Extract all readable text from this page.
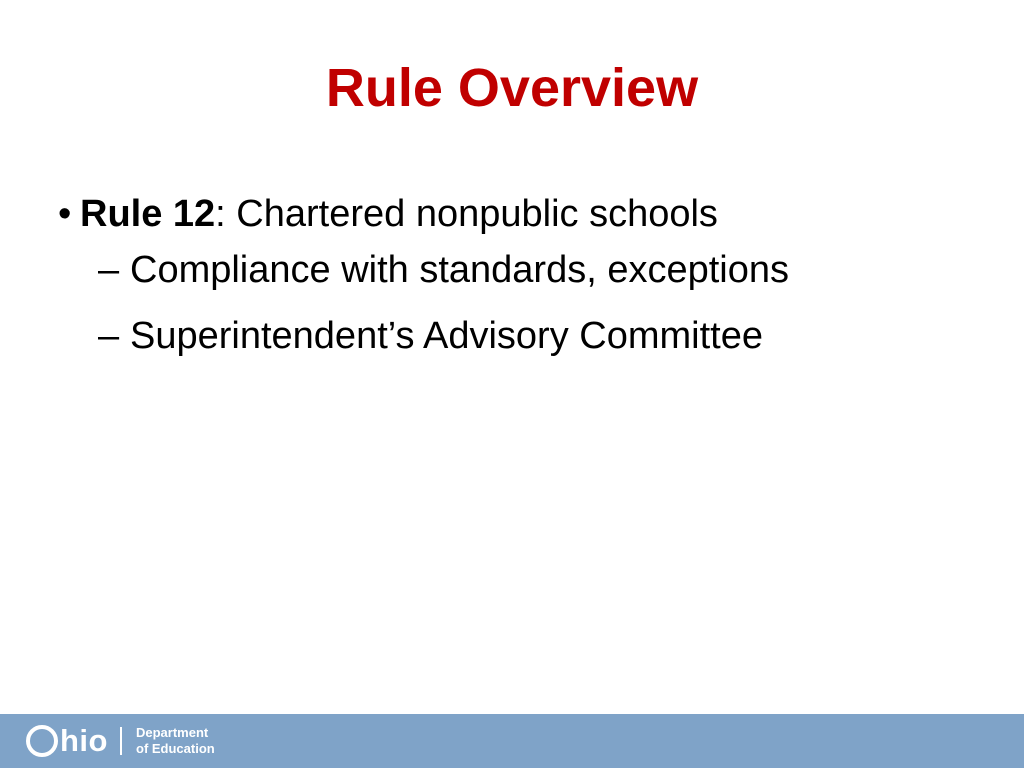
Rule Overview
• Rule 12 : Chartered nonpublic schools
– Compliance with standards, exceptions
– Superintendent’s Advisory Committee
hio Department
of Education
